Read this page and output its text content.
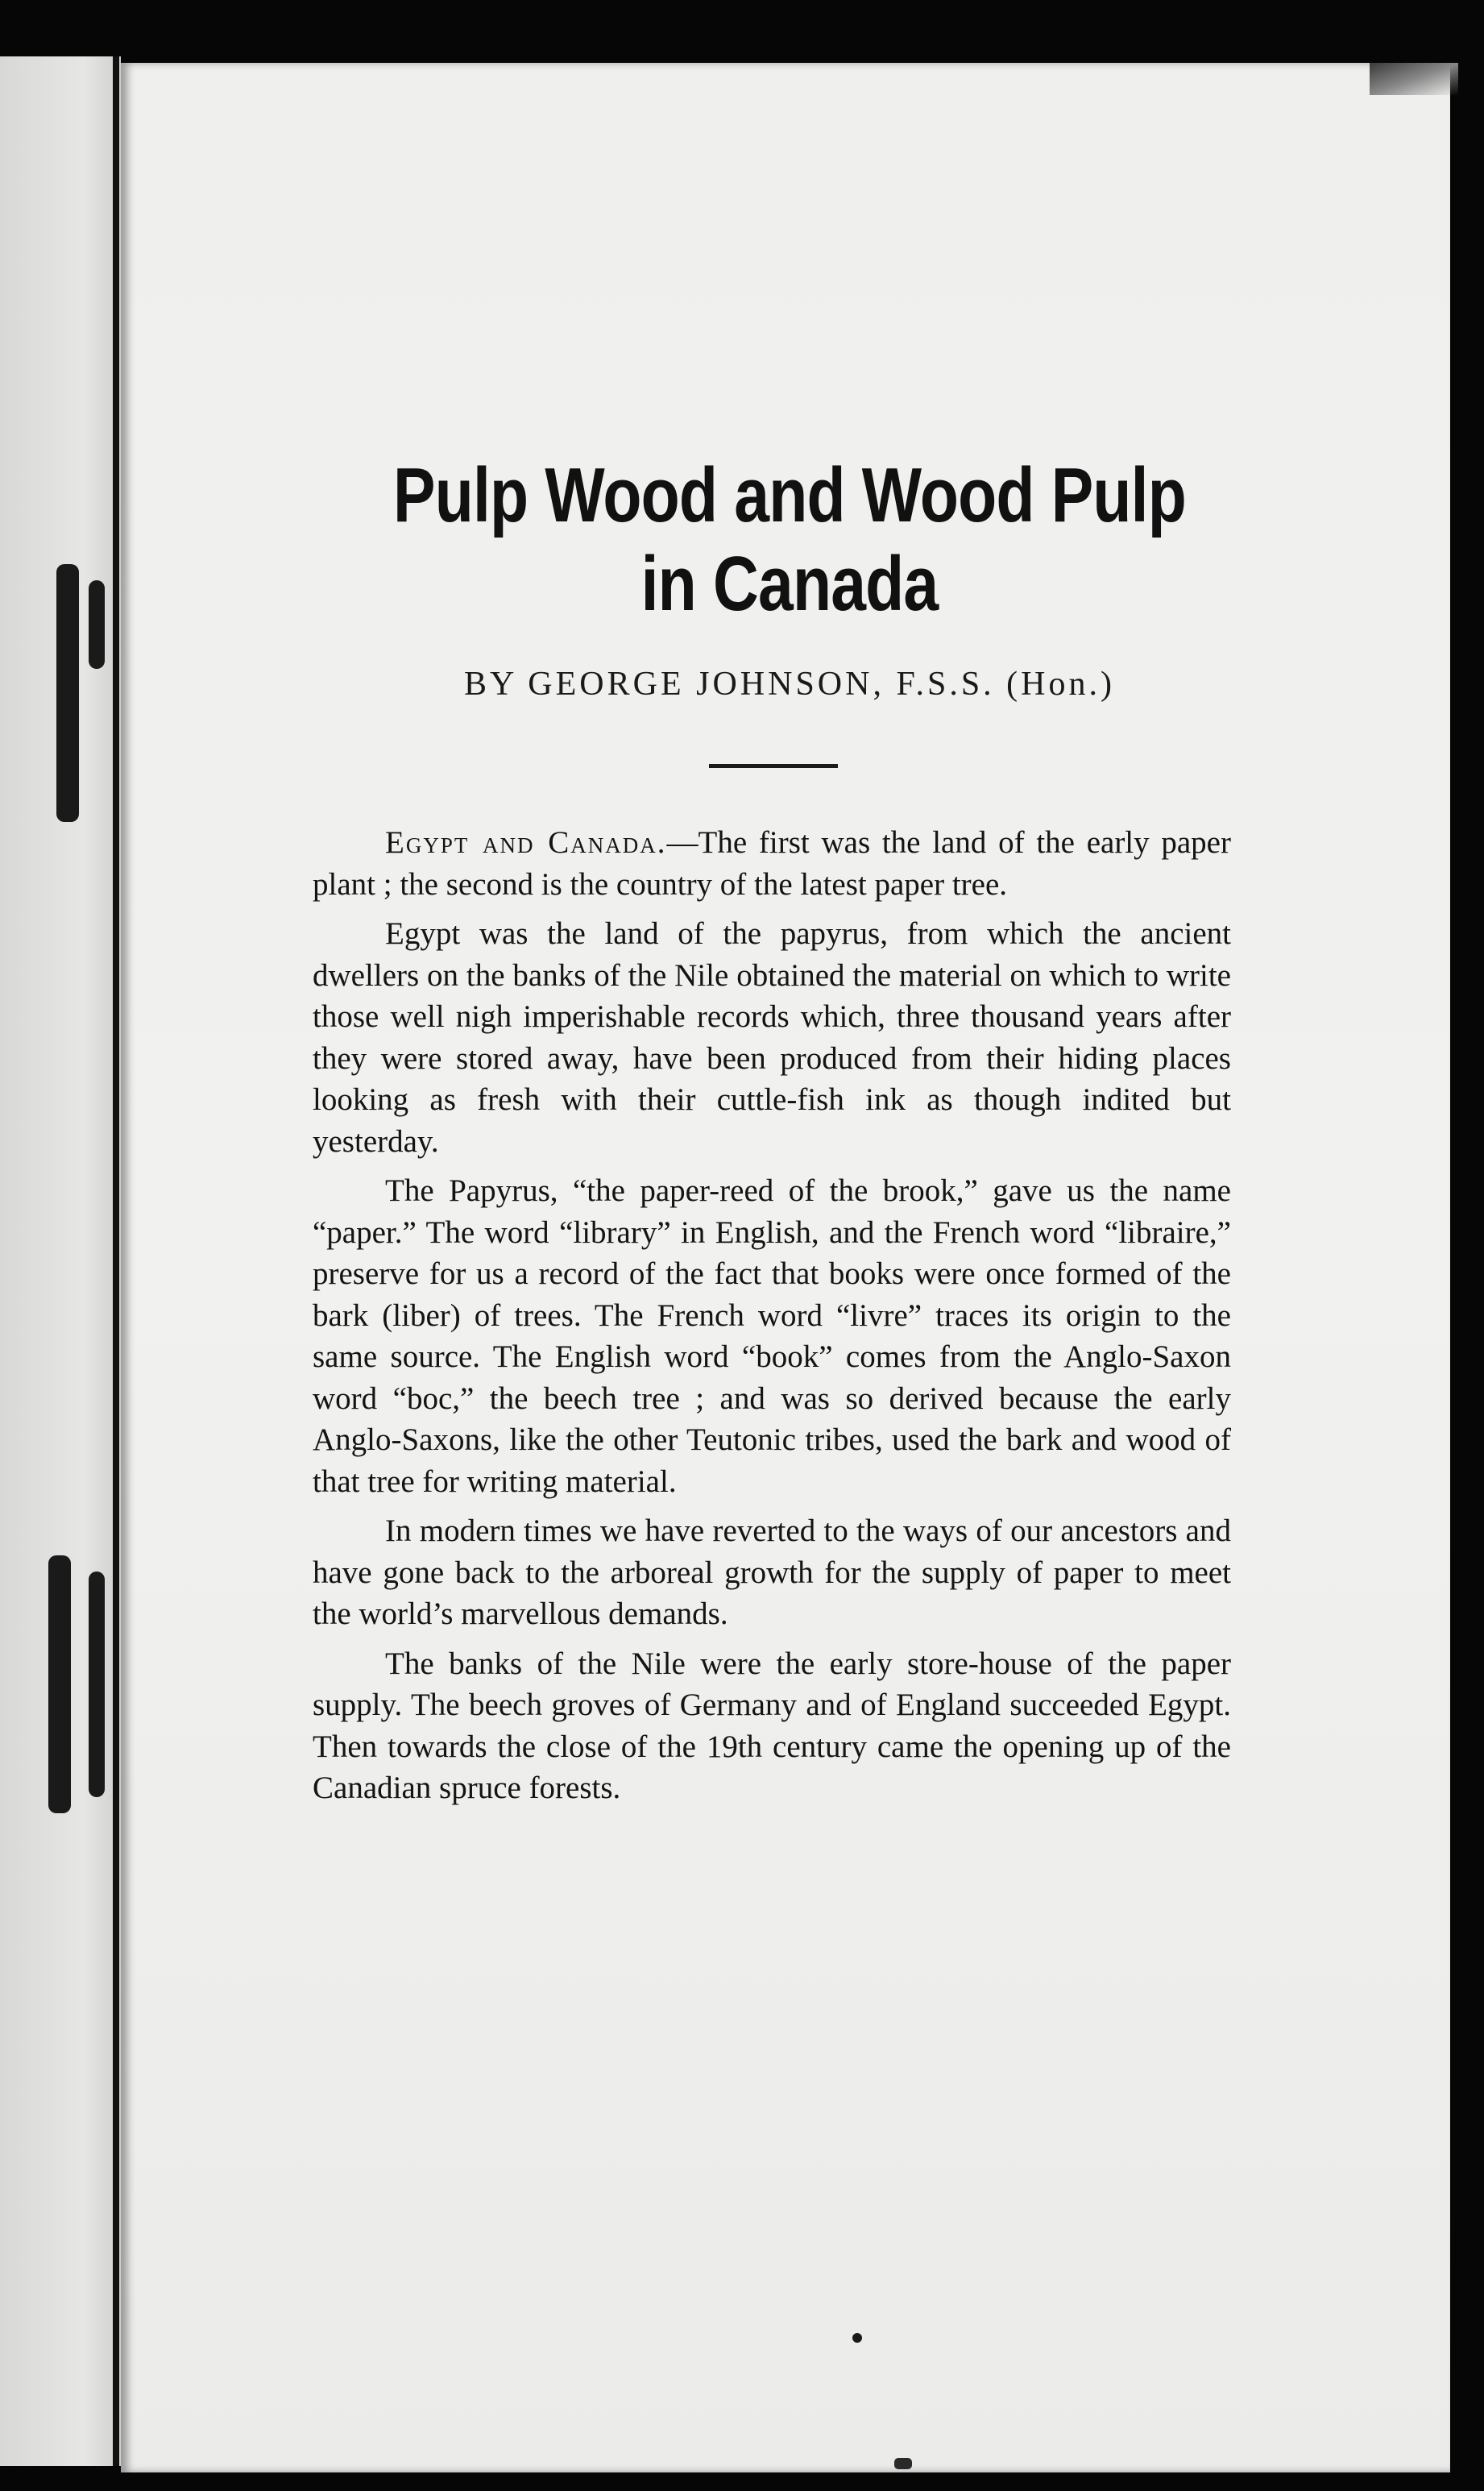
Pulp Wood and Wood Pulp
in Canada
BY GEORGE JOHNSON, F.S.S. (Hon.)

Egypt and Canada.—The first was the land of the early paper plant ; the second is the country of the latest paper tree.

Egypt was the land of the papyrus, from which the ancient dwellers on the banks of the Nile obtained the material on which to write those well nigh imperishable records which, three thousand years after they were stored away, have been produced from their hiding places looking as fresh with their cuttle-fish ink as though indited but yesterday.

The Papyrus, “the paper-reed of the brook,” gave us the name “paper.” The word “library” in English, and the French word “libraire,” preserve for us a record of the fact that books were once formed of the bark (liber) of trees. The French word “livre” traces its origin to the same source. The English word “book” comes from the Anglo-Saxon word “boc,” the beech tree ; and was so derived because the early Anglo-Saxons, like the other Teutonic tribes, used the bark and wood of that tree for writing material.

In modern times we have reverted to the ways of our ancestors and have gone back to the arboreal growth for the supply of paper to meet the world’s marvellous demands.

The banks of the Nile were the early store-house of the paper supply. The beech groves of Germany and of England succeeded Egypt. Then towards the close of the 19th century came the opening up of the Canadian spruce forests.
